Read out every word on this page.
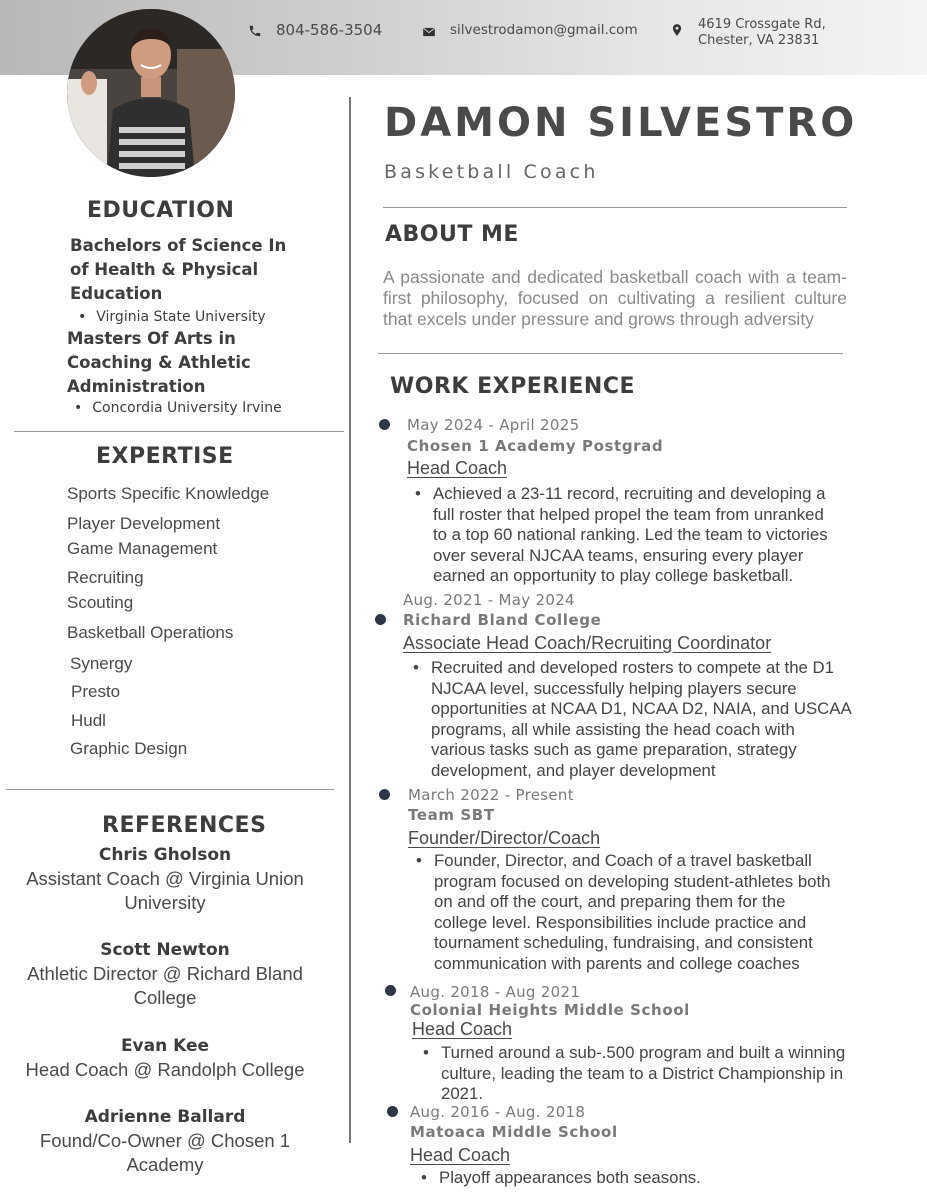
804-586-3504	silvestrodamon@gmail.com	4619 Crossgate Rd,
Chester, VA 23831
EDUCATION
Bachelors of Science In
of Health & Physical
Education
• Virginia State University
Masters Of Arts in
Coaching & Athletic
Administration
• Concordia University Irvine
EXPERTISE
Sports Specific Knowledge
Player Development
Game Management
Recruiting
Scouting
Basketball Operations
Synergy
Presto
Hudl
Graphic Design
REFERENCES
Chris Gholson
Assistant Coach @ Virginia Union
University
Scott Newton
Athletic Director @ Richard Bland
College
Evan Kee
Head Coach @ Randolph College
Adrienne Ballard
Found/Co-Owner @ Chosen 1
Academy
DAMON SILVESTRO
Basketball Coach
ABOUT ME
A passionate and dedicated basketball coach with a team-first philosophy, focused on cultivating a resilient culture that excels under pressure and grows through adversity
WORK EXPERIENCE
May 2024 - April 2025
Chosen 1 Academy Postgrad
Head Coach
• Achieved a 23-11 record, recruiting and developing a
full roster that helped propel the team from unranked
to a top 60 national ranking. Led the team to victories
over several NJCAA teams, ensuring every player
earned an opportunity to play college basketball.
Aug. 2021 - May 2024
Richard Bland College
Associate Head Coach/Recruiting Coordinator
• Recruited and developed rosters to compete at the D1
NJCAA level, successfully helping players secure
opportunities at NCAA D1, NCAA D2, NAIA, and USCAA
programs, all while assisting the head coach with
various tasks such as game preparation, strategy
development, and player development
March 2022 - Present
Team SBT
Founder/Director/Coach
• Founder, Director, and Coach of a travel basketball
program focused on developing student-athletes both
on and off the court, and preparing them for the
college level. Responsibilities include practice and
tournament scheduling, fundraising, and consistent
communication with parents and college coaches
Aug. 2018 - Aug 2021
Colonial Heights Middle School
Head Coach
• Turned around a sub-.500 program and built a winning
culture, leading the team to a District Championship in
2021.
Aug. 2016 - Aug. 2018
Matoaca Middle School
Head Coach
• Playoff appearances both seasons.
